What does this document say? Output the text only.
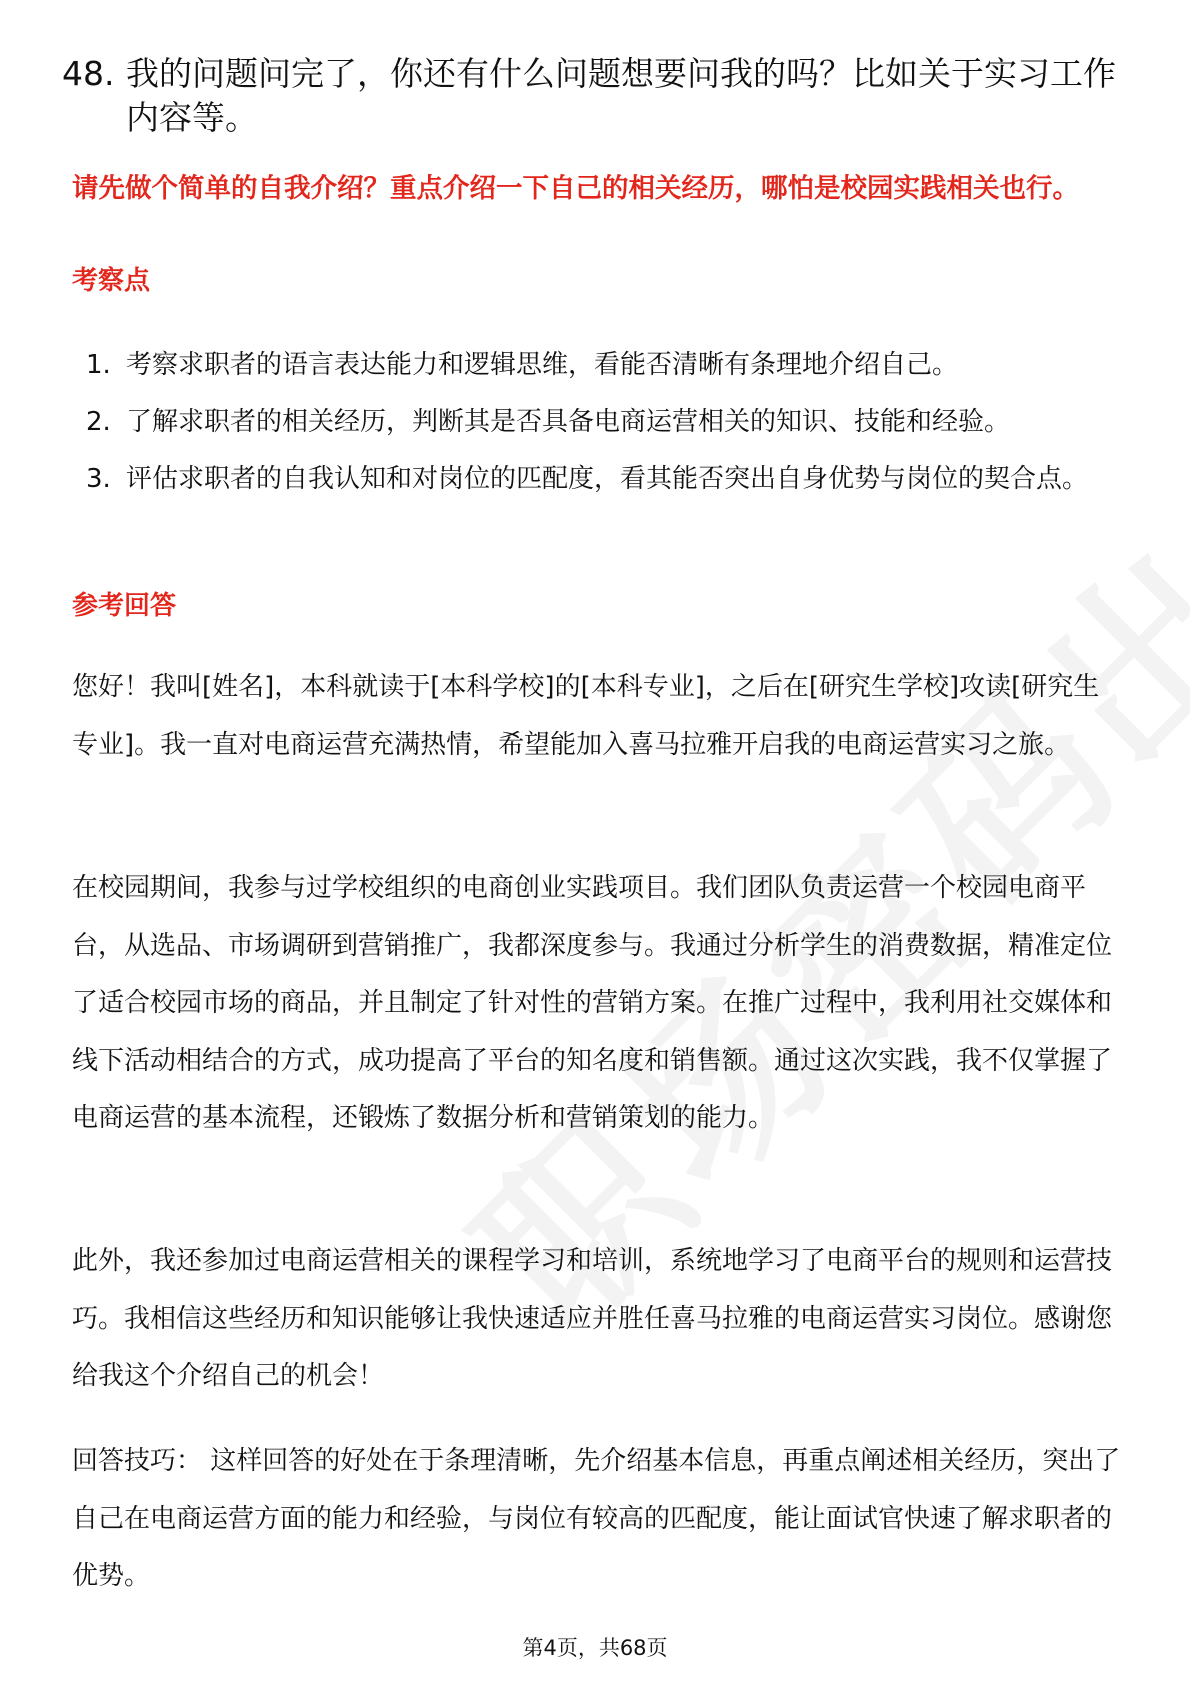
48. 我的问题问完了，你还有什么问题想要问我的吗？比如关于实习工作内容等。
请先做个简单的自我介绍？重点介绍一下自己的相关经历，哪怕是校园实践相关也行。
考察点
1. 考察求职者的语言表达能力和逻辑思维，看能否清晰有条理地介绍自己。
2. 了解求职者的相关经历，判断其是否具备电商运营相关的知识、技能和经验。
3. 评估求职者的自我认知和对岗位的匹配度，看其能否突出自身优势与岗位的契合点。
参考回答

您好！我叫[姓名]，本科就读于[本科学校]的[本科专业]，之后在[研究生学校]攻读[研究生专业]。我一直对电商运营充满热情，希望能加入喜马拉雅开启我的电商运营实习之旅。

在校园期间，我参与过学校组织的电商创业实践项目。我们团队负责运营一个校园电商平台，从选品、市场调研到营销推广，我都深度参与。我通过分析学生的消费数据，精准定位了适合校园市场的商品，并且制定了针对性的营销方案。在推广过程中，我利用社交媒体和线下活动相结合的方式，成功提高了平台的知名度和销售额。通过这次实践，我不仅掌握了电商运营的基本流程，还锻炼了数据分析和营销策划的能力。

此外，我还参加过电商运营相关的课程学习和培训，系统地学习了电商平台的规则和运营技巧。我相信这些经历和知识能够让我快速适应并胜任喜马拉雅的电商运营实习岗位。感谢您给我这个介绍自己的机会！

回答技巧： 这样回答的好处在于条理清晰，先介绍基本信息，再重点阐述相关经历，突出了自己在电商运营方面的能力和经验，与岗位有较高的匹配度，能让面试官快速了解求职者的优势。

第4页，共68页
